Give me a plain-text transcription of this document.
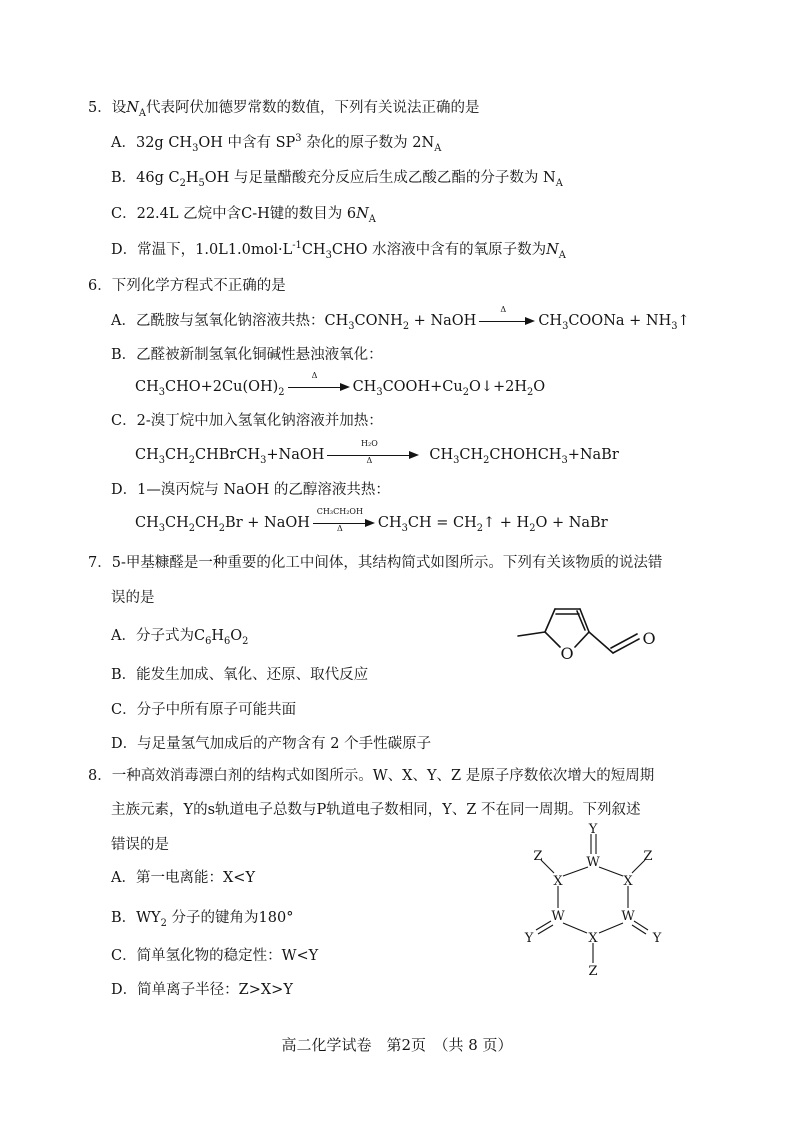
5．设$N_A$代表阿伏加德罗常数的数值，下列有关说法正确的是
A．32g $CH_3OH$ 中含有 $SP^3$ 杂化的原子数为 $2N_A$
B．46g $C_2H_5OH$ 与足量醋酸充分反应后生成乙酸乙酯的分子数为 $N_A$
C．22.4L 乙烷中含C-H键的数目为 $6N_A$
D．常温下，$1.0L1.0mol\cdot L^{-1}CH_3CHO$ 水溶液中含有的氧原子数为$N_A$
6．下列化学方程式不正确的是
A．乙酰胺与氢氧化钠溶液共热：$CH_3CONH_2$ + NaOH
Δ
$CH_3COONa$ + $NH_3↑$
B．乙醛被新制氢氧化铜碱性悬浊液氧化：
$CH_3CHO+2Cu(OH)_2$
Δ
$CH_3COOH+Cu_2O↓+2H_2O$
C．2-溴丁烷中加入氢氧化钠溶液并加热：
$CH_3CH_2CHBrCH_3+NaOH \frac{\text{H₂O}}{\Delta}$ $CH_3CH_2CHOHCH_3+NaBr$
D．1—溴丙烷与 NaOH 的乙醇溶液共热：
$CH_3CH_2CH_2Br$ + NaOH $\frac{\text{CH₃CH₂OH}}{\Delta} CH_3CH$ = $CH_2↑ + H_2O$ + NaBr
7．5-甲基糠醛是一种重要的化工中间体，其结构简式如图所示。下列有关该物质的说法错
误的是
A．分子式为$C_6H_6O_2$
B．能发生加成、氧化、还原、取代反应
C．分子中所有原子可能共面
D．与足量氢气加成后的产物含有 2 个手性碳原子
O
O
8．一种高效消毒漂白剂的结构式如图所示。W、X、Y、Z 是原子序数依次增大的短周期
主族元素，Y的s轨道电子总数与P轨道电子数相同，Y、Z 不在同一周期。下列叙述
错误的是
A．第一电离能：X<Y
B．$WY_2$ 分子的键角为180°
C．简单氢化物的稳定性：W<Y
D．简单离子半径：Z>X>Y
Y
W
X	X
W	W
X
Z	Z
Z
Y	Y
高二化学试卷　第2页　（共 8 页）
